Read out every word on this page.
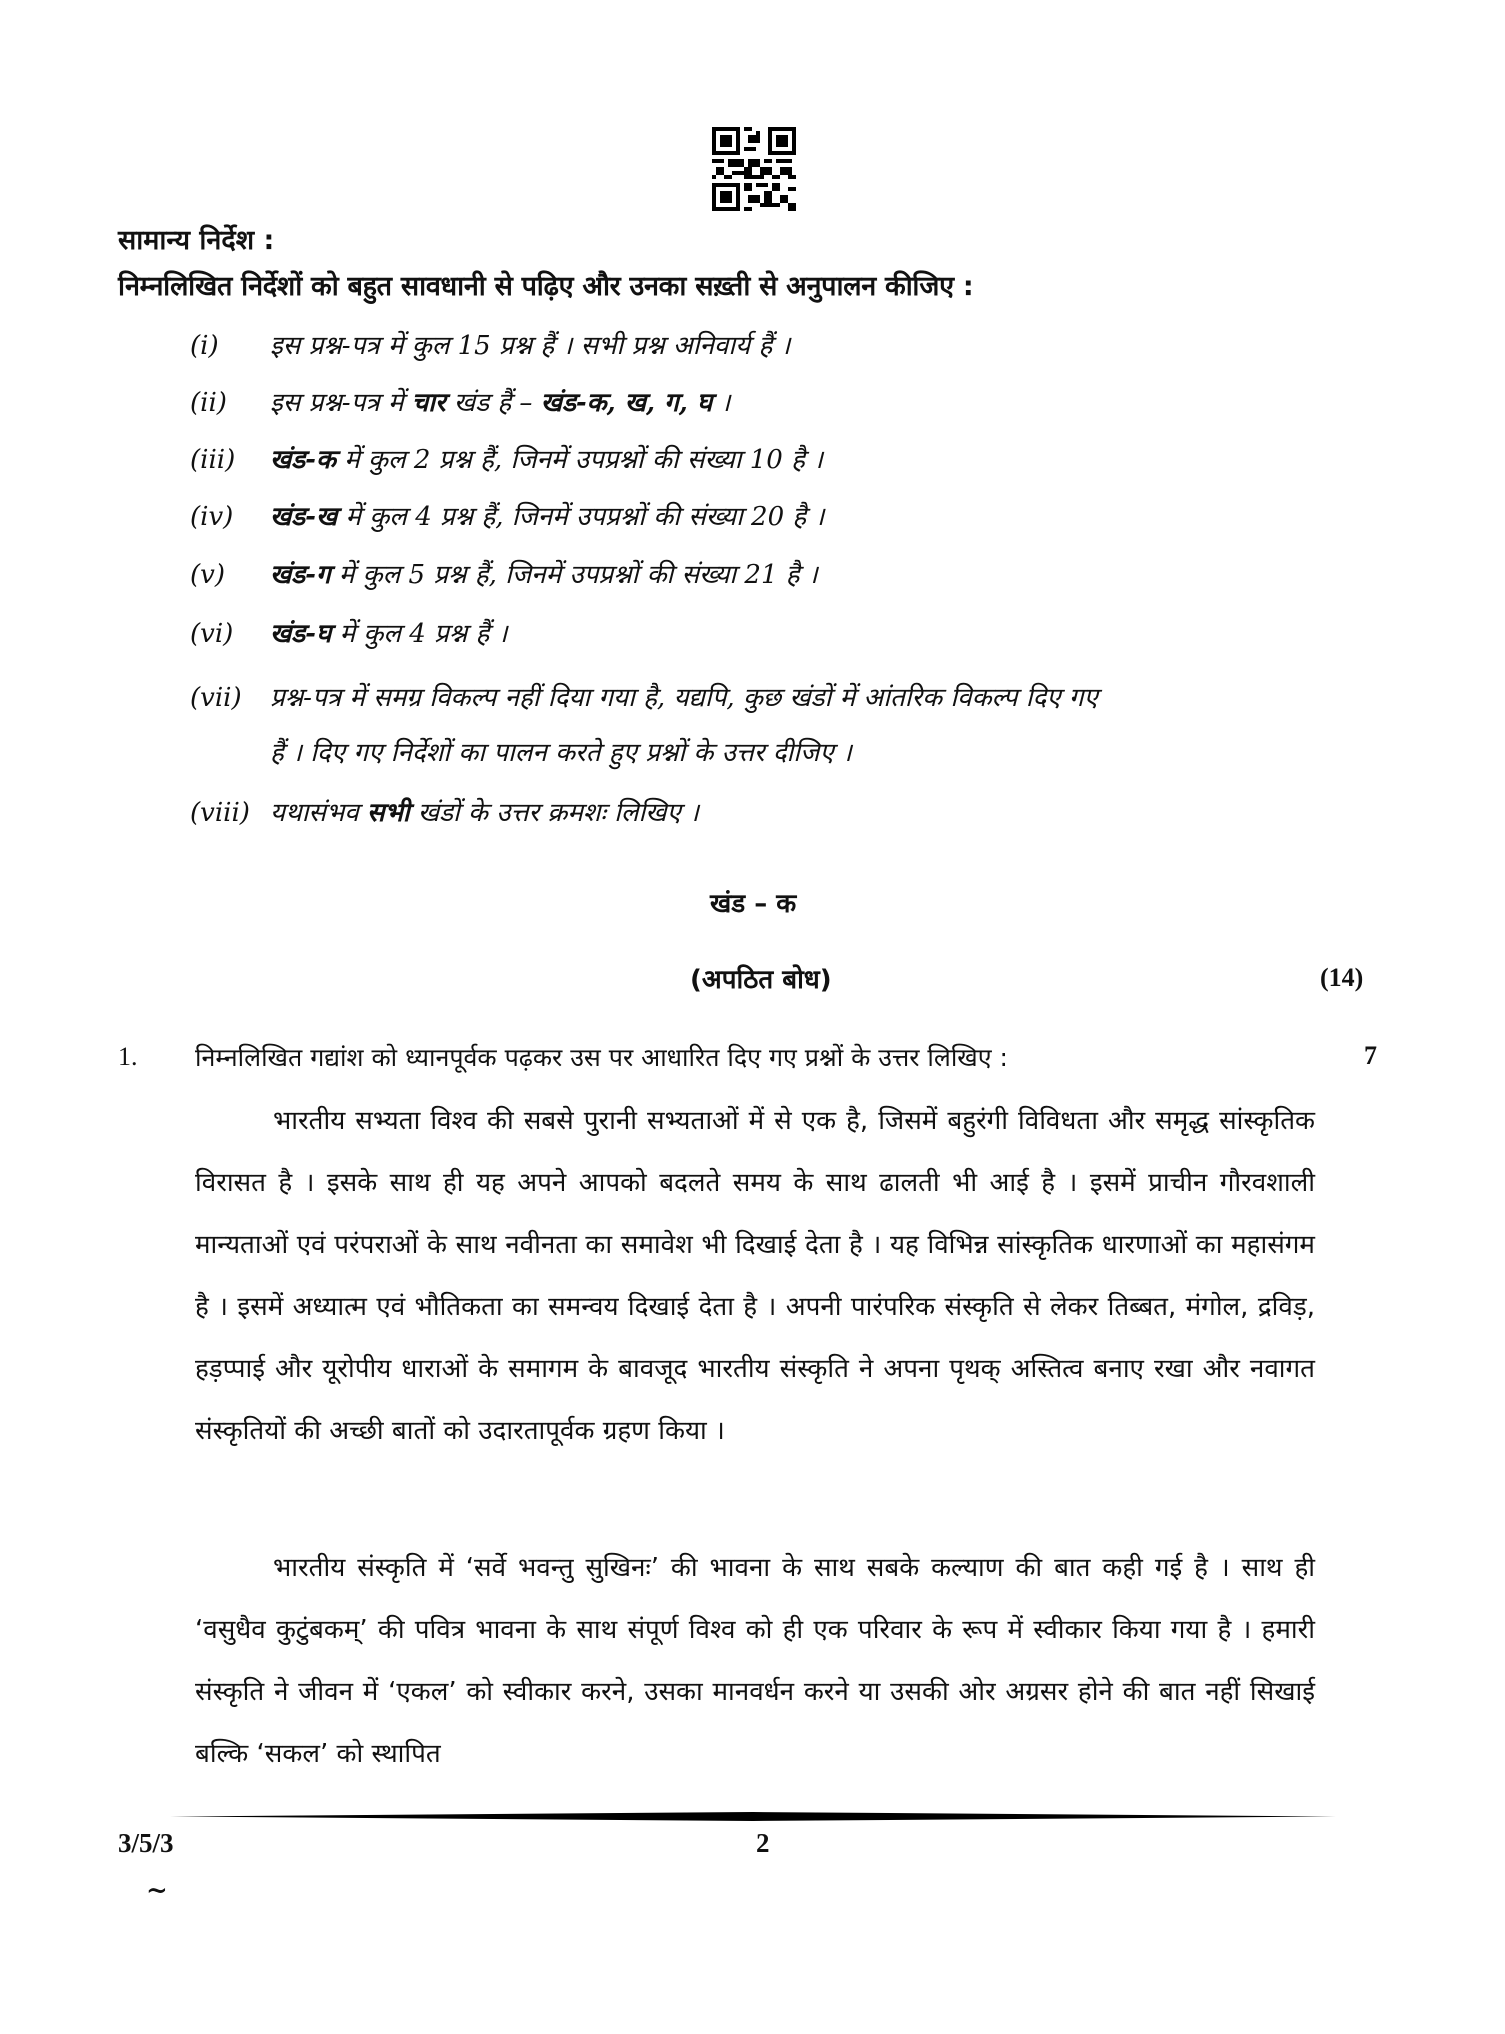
सामान्य निर्देश :
निम्नलिखित निर्देशों को बहुत सावधानी से पढ़िए और उनका सख़्ती से अनुपालन कीजिए :
(i) इस प्रश्न-पत्र में कुल 15 प्रश्न हैं । सभी प्रश्न अनिवार्य हैं ।
(ii) इस प्रश्न-पत्र में चार खंड हैं – खंड-क, ख, ग, घ ।
(iii) खंड-क में कुल 2 प्रश्न हैं, जिनमें उपप्रश्नों की संख्या 10 है ।
(iv) खंड-ख में कुल 4 प्रश्न हैं, जिनमें उपप्रश्नों की संख्या 20 है ।
(v) खंड-ग में कुल 5 प्रश्न हैं, जिनमें उपप्रश्नों की संख्या 21 है ।
(vi) खंड-घ में कुल 4 प्रश्न हैं ।
(vii) प्रश्न-पत्र में समग्र विकल्प नहीं दिया गया है, यद्यपि, कुछ खंडों में आंतरिक विकल्प दिए गए
हैं । दिए गए निर्देशों का पालन करते हुए प्रश्नों के उत्तर दीजिए ।
(viii) यथासंभव सभी खंडों के उत्तर क्रमशः लिखिए ।
खंड – क
(अपठित बोध)	(14)
1. निम्नलिखित गद्यांश को ध्यानपूर्वक पढ़कर उस पर आधारित दिए गए प्रश्नों के उत्तर लिखिए :	7

भारतीय सभ्यता विश्व की सबसे पुरानी सभ्यताओं में से एक है, जिसमें बहुरंगी विविधता और समृद्ध सांस्कृतिक विरासत है । इसके साथ ही यह अपने आपको बदलते समय के साथ ढालती भी आई है । इसमें प्राचीन गौरवशाली मान्यताओं एवं परंपराओं के साथ नवीनता का समावेश भी दिखाई देता है । यह विभिन्न सांस्कृतिक धारणाओं का महासंगम है । इसमें अध्यात्म एवं भौतिकता का समन्वय दिखाई देता है । अपनी पारंपरिक संस्कृति से लेकर तिब्बत, मंगोल, द्रविड़, हड़प्पाई और यूरोपीय धाराओं के समागम के बावजूद भारतीय संस्कृति ने अपना पृथक् अस्तित्व बनाए रखा और नवागत संस्कृतियों की अच्छी बातों को उदारतापूर्वक ग्रहण किया ।

भारतीय संस्कृति में ‘सर्वे भवन्तु सुखिनः’ की भावना के साथ सबके कल्याण की बात कही गई है । साथ ही ‘वसुधैव कुटुंबकम्’ की पवित्र भावना के साथ संपूर्ण विश्व को ही एक परिवार के रूप में स्वीकार किया गया है । हमारी संस्कृति ने जीवन में ‘एकल’ को स्वीकार करने, उसका मानवर्धन करने या उसकी ओर अग्रसर होने की बात नहीं सिखाई बल्कि ‘सकल’ को स्थापित

3/5/3	2
~
